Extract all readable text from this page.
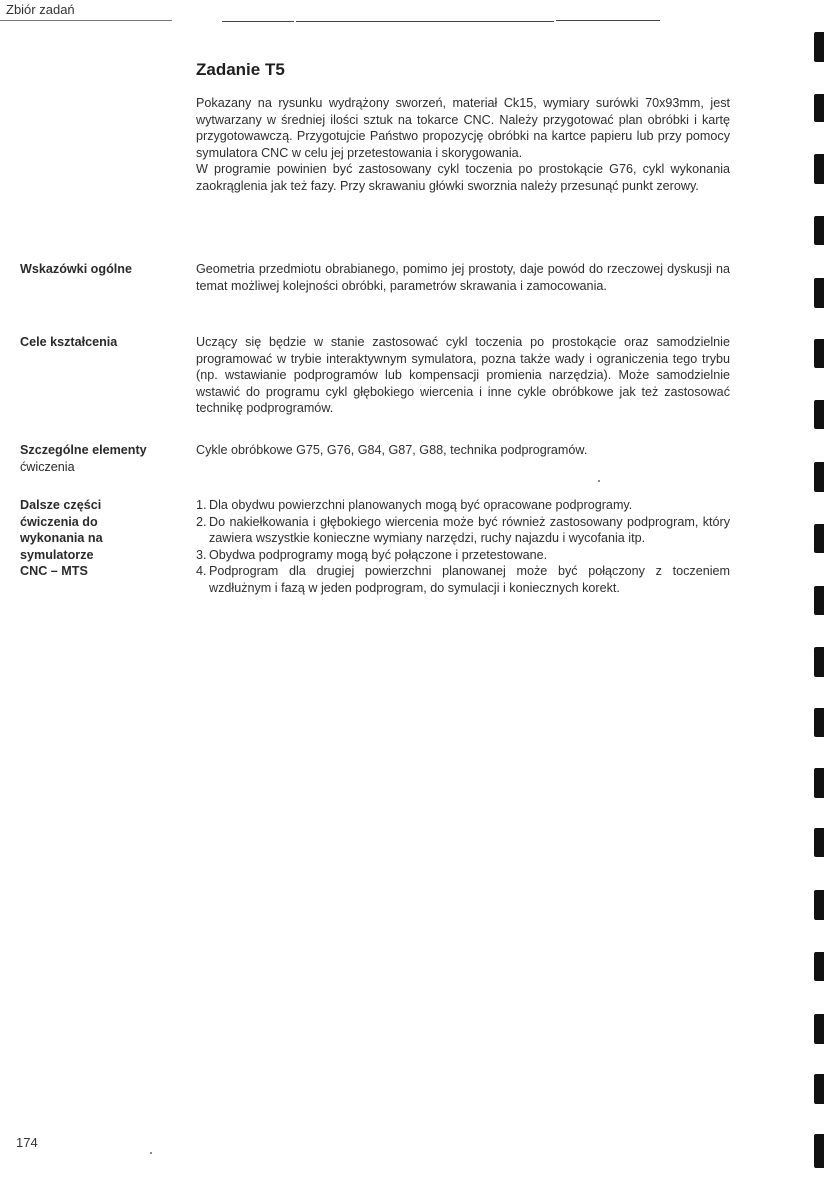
Zbiór zadań
Zadanie T5

Pokazany na rysunku wydrążony sworzeń, materiał Ck15, wymiary surówki 70x93mm, jest wytwarzany w średniej ilości sztuk na tokarce CNC. Należy przygotować plan obróbki i kartę przygotowawczą. Przygotujcie Państwo propozycję obróbki na kartce papieru lub przy pomocy symulatora CNC w celu jej przetestowania i skorygowania.

W programie powinien być zastosowany cykl toczenia po prostokącie G76, cykl wykonania zaokrąglenia jak też fazy. Przy skrawaniu główki sworznia należy przesunąć punkt zerowy.

Wskazówki ogólne	Geometria przedmiotu obrabianego, pomimo jej prostoty, daje powód do rzeczowej dyskusji na temat możliwej kolejności obróbki, parametrów skrawania i zamocowania.
Cele kształcenia	Uczący się będzie w stanie zastosować cykl toczenia po prostokącie oraz samodzielnie programować w trybie interaktywnym symulatora, pozna także wady i ograniczenia tego trybu (np. wstawianie podprogramów lub kompensacji promienia narzędzia). Może samodzielnie wstawić do programu cykl głębokiego wiercenia i inne cykle obróbkowe jak też zastosować technikę podprogramów.
Szczególne elementy
ćwiczenia
Cykle obróbkowe G75, G76, G84, G87, G88, technika podprogramów.
Dalsze części
ćwiczenia do
wykonania na
symulatorze
CNC – MTS
1. Dla obydwu powierzchni planowanych mogą być opracowane podprogramy.
2. Do nakiełkowania i głębokiego wiercenia może być również zastosowany podprogram, który zawiera wszystkie konieczne wymiany narzędzi, ruchy najazdu i wycofania itp.
3. Obydwa podprogramy mogą być połączone i przetestowane.
4. Podprogram dla drugiej powierzchni planowanej może być połączony z toczeniem wzdłużnym i fazą w jeden podprogram, do symulacji i koniecznych korekt.
174
